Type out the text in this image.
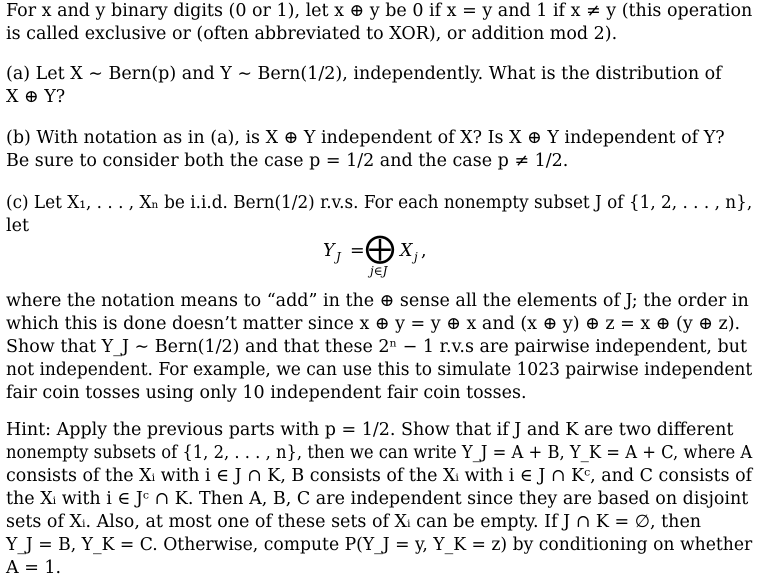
For x and y binary digits (0 or 1), let x ⊕ y be 0 if x = y and 1 if x ≠ y (this operation
is called exclusive or (often abbreviated to XOR), or addition mod 2).
(a) Let X ∼ Bern(p) and Y ∼ Bern(1/2), independently. What is the distribution of
X ⊕ Y?
(b) With notation as in (a), is X ⊕ Y independent of X? Is X ⊕ Y independent of Y?
Be sure to consider both the case p = 1/2 and the case p ≠ 1/2.
(c) Let X₁, . . . , Xₙ be i.i.d. Bern(1/2) r.v.s. For each nonempty subset J of {1, 2, . . . , n},
let
Y J = ⨁
j∈J
X j ,
where the notation means to “add” in the ⊕ sense all the elements of J; the order in
which this is done doesn’t matter since x ⊕ y = y ⊕ x and (x ⊕ y) ⊕ z = x ⊕ (y ⊕ z).
Show that Y_J ∼ Bern(1/2) and that these 2ⁿ − 1 r.v.s are pairwise independent, but
not independent. For example, we can use this to simulate 1023 pairwise independent
fair coin tosses using only 10 independent fair coin tosses.
Hint: Apply the previous parts with p = 1/2. Show that if J and K are two different
nonempty subsets of {1, 2, . . . , n}, then we can write Y_J = A + B, Y_K = A + C, where A
consists of the Xᵢ with i ∈ J ∩ K, B consists of the Xᵢ with i ∈ J ∩ Kᶜ, and C consists of
the Xᵢ with i ∈ Jᶜ ∩ K. Then A, B, C are independent since they are based on disjoint
sets of Xᵢ. Also, at most one of these sets of Xᵢ can be empty. If J ∩ K = ∅, then
Y_J = B, Y_K = C. Otherwise, compute P(Y_J = y, Y_K = z) by conditioning on whether
A = 1.
